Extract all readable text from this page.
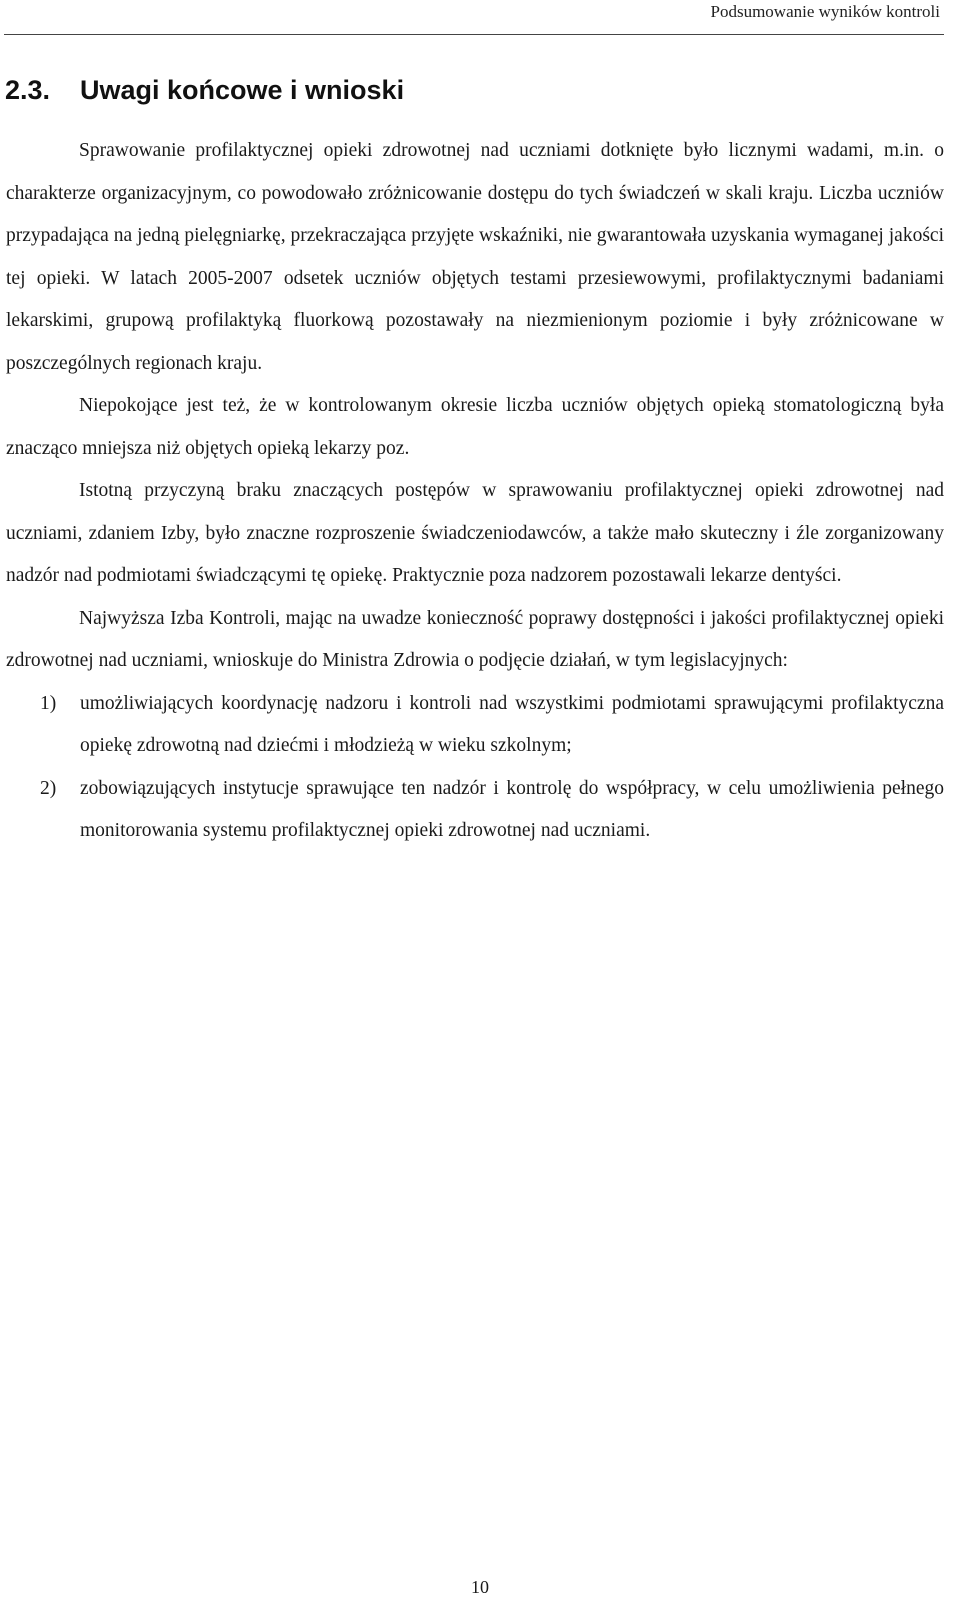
Podsumowanie wyników kontroli
2.3. Uwagi końcowe i wnioski

Sprawowanie profilaktycznej opieki zdrowotnej nad uczniami dotknięte było licznymi wadami, m.in. o charakterze organizacyjnym, co powodowało zróżnicowanie dostępu do tych świadczeń w skali kraju. Liczba uczniów przypadająca na jedną pielęgniarkę, przekraczająca przyjęte wskaźniki, nie gwarantowała uzyskania wymaganej jakości tej opieki. W latach 2005-2007 odsetek uczniów objętych testami przesiewowymi, profilaktycznymi badaniami lekarskimi, grupową profilaktyką fluorkową pozostawały na niezmienionym poziomie i były zróżnicowane w poszczególnych regionach kraju.

Niepokojące jest też, że w kontrolowanym okresie liczba uczniów objętych opieką stomatologiczną była znacząco mniejsza niż objętych opieką lekarzy poz.

Istotną przyczyną braku znaczących postępów w sprawowaniu profilaktycznej opieki zdrowotnej nad uczniami, zdaniem Izby, było znaczne rozproszenie świadczeniodawców, a także mało skuteczny i źle zorganizowany nadzór nad podmiotami świadczącymi tę opiekę. Praktycznie poza nadzorem pozostawali lekarze dentyści.

Najwyższa Izba Kontroli, mając na uwadze konieczność poprawy dostępności i jakości profilaktycznej opieki zdrowotnej nad uczniami, wnioskuje do Ministra Zdrowia o podjęcie działań, w tym legislacyjnych:

1) umożliwiających koordynację nadzoru i kontroli nad wszystkimi podmiotami sprawującymi profilaktyczna opiekę zdrowotną nad dziećmi i młodzieżą w wieku szkolnym;
2) zobowiązujących instytucje sprawujące ten nadzór i kontrolę do współpracy, w celu umożliwienia pełnego monitorowania systemu profilaktycznej opieki zdrowotnej nad uczniami.
10
